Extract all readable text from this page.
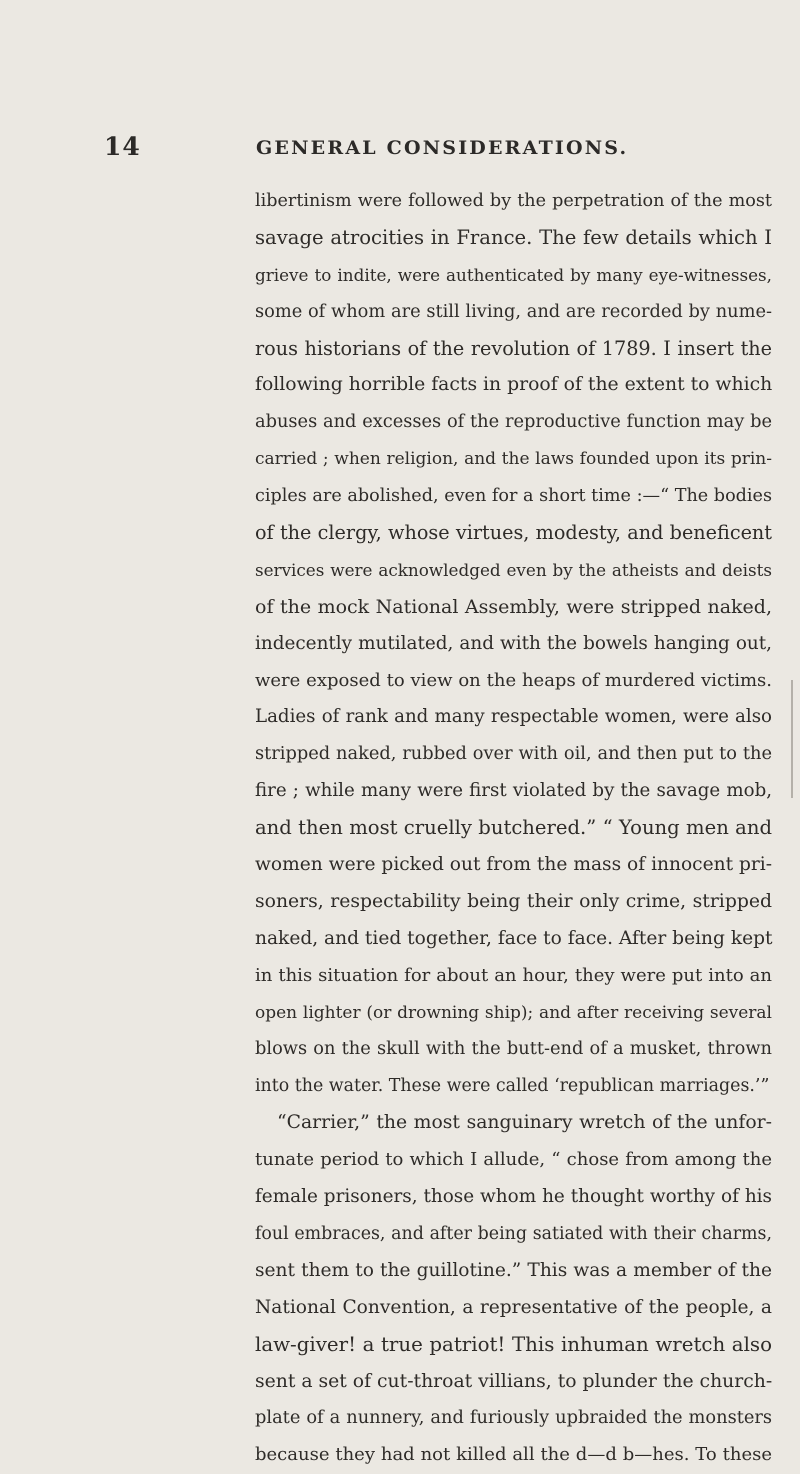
14	GENERAL CONSIDERATIONS.
libertinism were followed by the perpetration of the most
savage atrocities in France. The few details which I
grieve to indite, were authenticated by many eye-witnesses,
some of whom are still living, and are recorded by nume-
rous historians of the revolution of 1789. I insert the
following horrible facts in proof of the extent to which
abuses and excesses of the reproductive function may be
carried ; when religion, and the laws founded upon its prin-
ciples are abolished, even for a short time :—“ The bodies
of the clergy, whose virtues, modesty, and beneficent
services were acknowledged even by the atheists and deists
of the mock National Assembly, were stripped naked,
indecently mutilated, and with the bowels hanging out,
were exposed to view on the heaps of murdered victims.
Ladies of rank and many respectable women, were also
stripped naked, rubbed over with oil, and then put to the
fire ; while many were first violated by the savage mob,
and then most cruelly butchered.” “ Young men and
women were picked out from the mass of innocent pri-
soners, respectability being their only crime, stripped
naked, and tied together, face to face. After being kept
in this situation for about an hour, they were put into an
open lighter (or drowning ship); and after receiving several
blows on the skull with the butt-end of a musket, thrown
into the water. These were called ‘republican marriages.’”
“Carrier,” the most sanguinary wretch of the unfor-
tunate period to which I allude, “ chose from among the
female prisoners, those whom he thought worthy of his
foul embraces, and after being satiated with their charms,
sent them to the guillotine.” This was a member of the
National Convention, a representative of the people, a
law-giver! a true patriot! This inhuman wretch also
sent a set of cut-throat villians, to plunder the church-
plate of a nunnery, and furiously upbraided the monsters
because they had not killed all the d—d b—hes. To these
